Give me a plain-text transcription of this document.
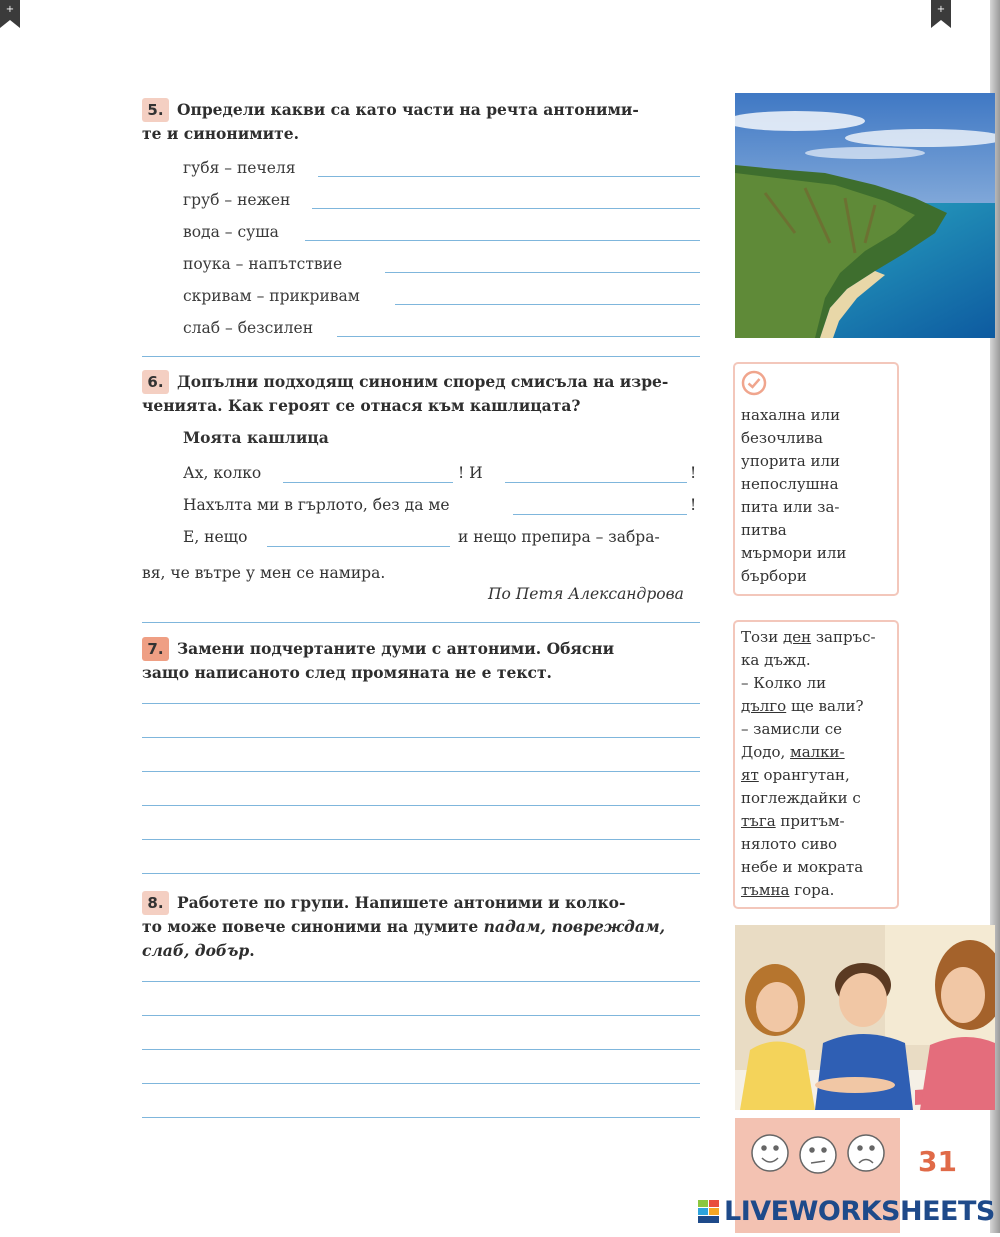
+	+
5. Определи какви са като части на речта антоними-
те и синонимите.
губя – печеля
груб – нежен
вода – суша
поука – напътствие
скривам – прикривам
слаб – безсилен
6. Допълни подходящ синоним според смисъла на изре-
ченията. Как героят се отнася към кашлицата?
Моята кашлица
Ах, колко	! И	!
Нахълта ми в гърлото, без да ме	!
Е, нещо	и нещо препира – забра-
вя, че вътре у мен се намира.
По Петя Александрова
7. Замени подчертаните думи с антоними. Обясни
защо написаното след промяната не е текст.
8. Работете по групи. Напишете антоними и колко-
то може повече синоними на думите падам, повреждам,
слаб, добър.
нахална или
безочлива
упорита или
непослушна
пита или за-
питва
мърмори или
бърбори
Този ден запръс-
ка дъжд.
– Колко ли
дълго ще вали?
– замисли се
Додо, малки-
ят орангутан,
поглеждайки с
тъга притъм-
нялото сиво
небе и мократа
тъмна гора.
31
LIVEWORKSHEETS
